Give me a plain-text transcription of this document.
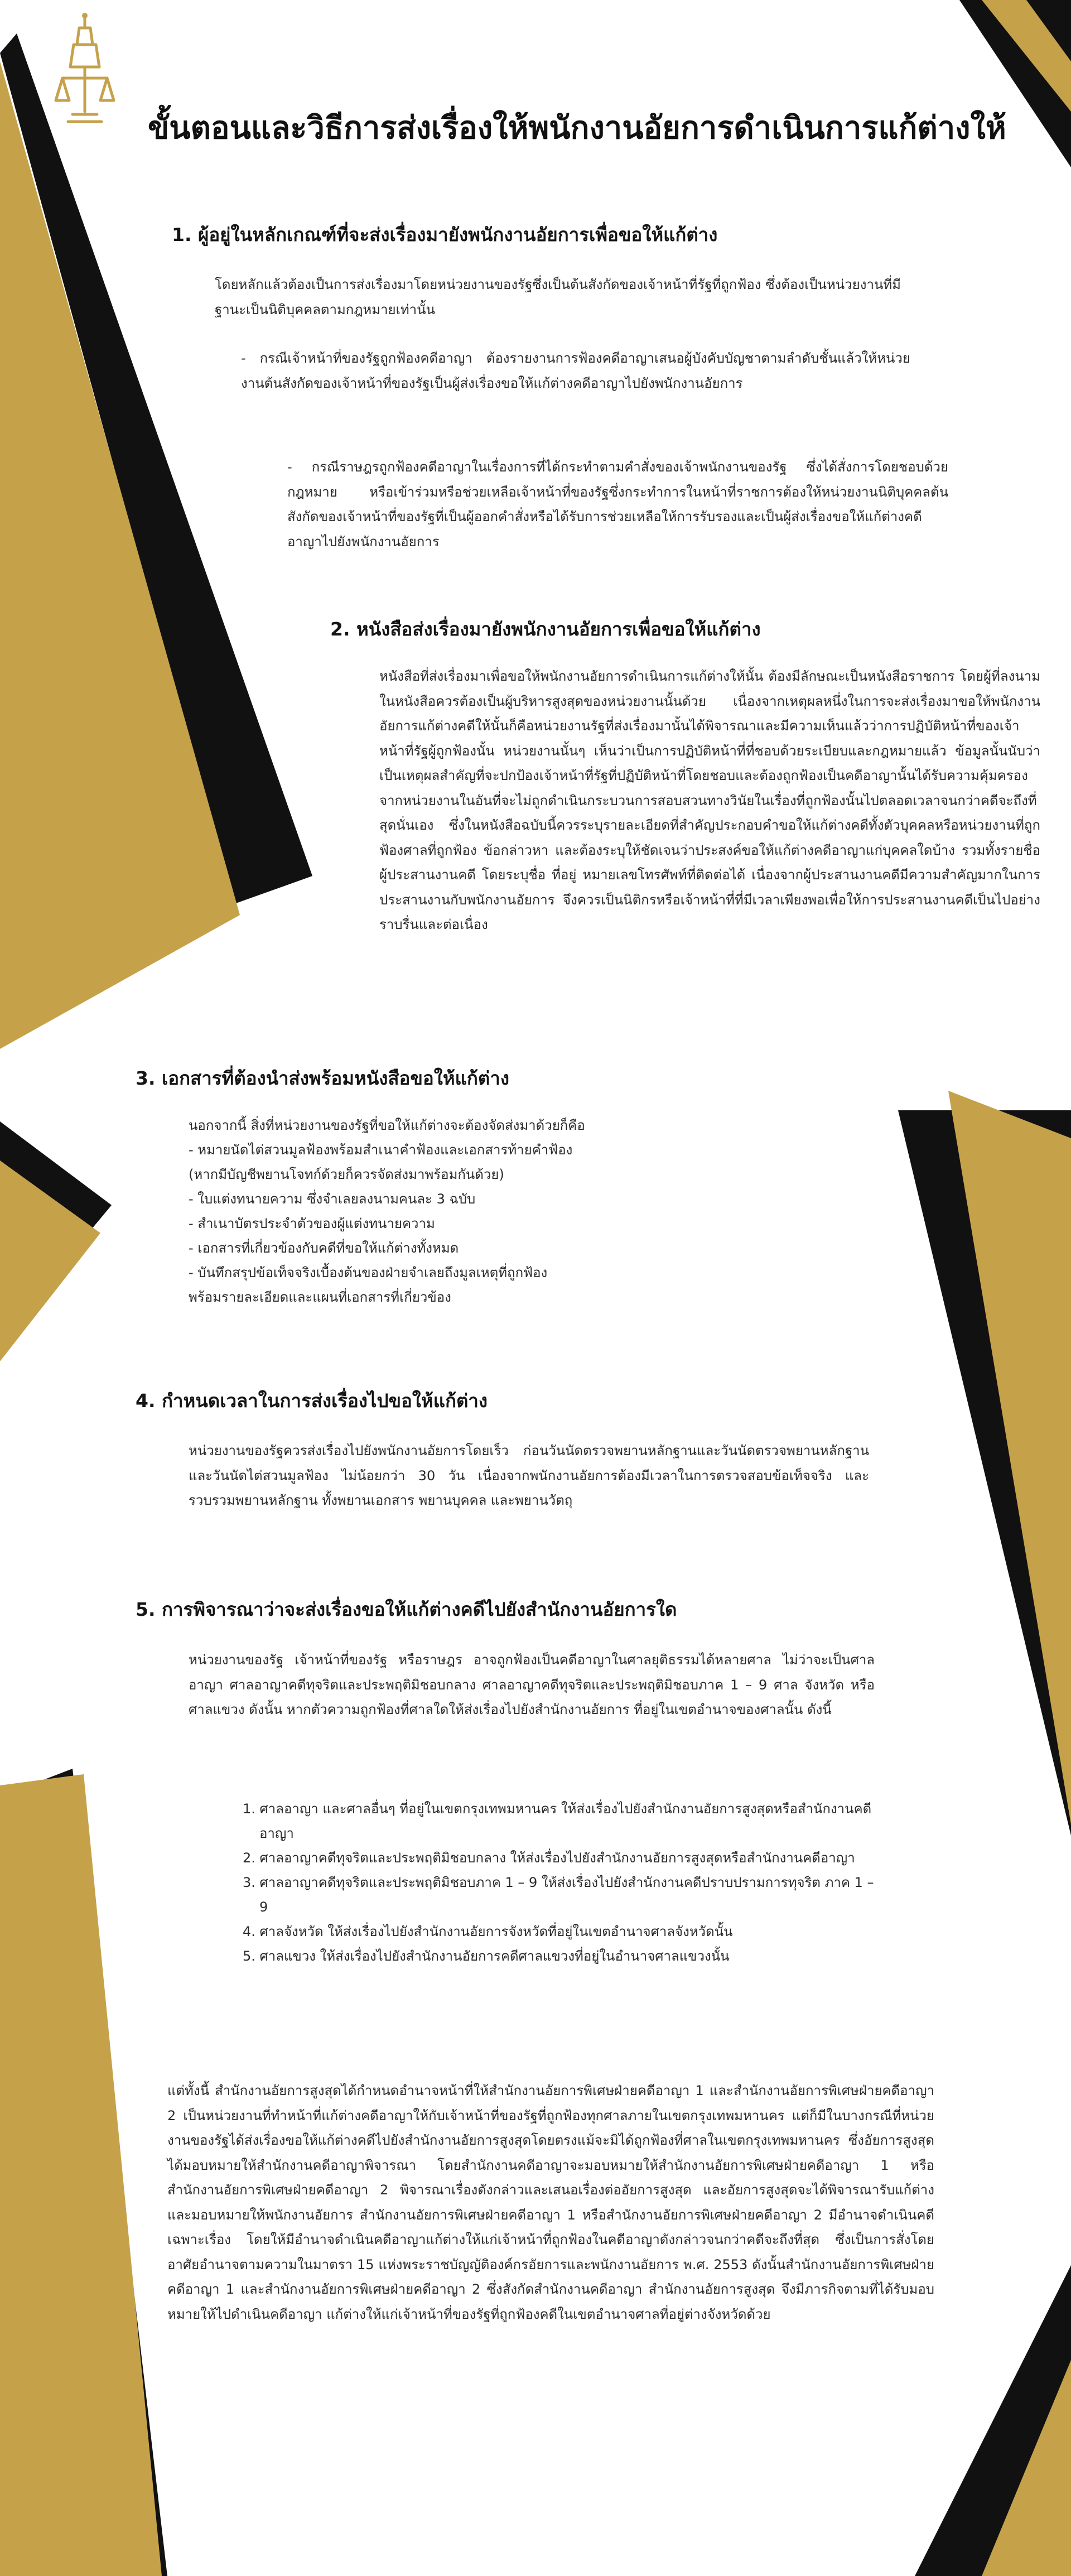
ขั้นตอนและวิธีการส่งเรื่องให้พนักงานอัยการดำเนินการแก้ต่างให้
1. ผู้อยู่ในหลักเกณฑ์ที่จะส่งเรื่องมายังพนักงานอัยการเพื่อขอให้แก้ต่าง
โดยหลักแล้วต้องเป็นการส่งเรื่องมาโดยหน่วยงานของรัฐซึ่งเป็นต้นสังกัดของเจ้าหน้าที่รัฐที่ถูกฟ้อง ซึ่งต้องเป็นหน่วยงานที่มีฐานะเป็นนิติบุคคลตามกฎหมายเท่านั้น
- กรณีเจ้าหน้าที่ของรัฐถูกฟ้องคดีอาญา ต้องรายงานการฟ้องคดีอาญาเสนอผู้บังคับบัญชาตามลำดับชั้นแล้วให้หน่วยงานต้นสังกัดของเจ้าหน้าที่ของรัฐเป็นผู้ส่งเรื่องขอให้แก้ต่างคดีอาญาไปยังพนักงานอัยการ
- กรณีราษฎรถูกฟ้องคดีอาญาในเรื่องการที่ได้กระทำตามคำสั่งของเจ้าพนักงานของรัฐ ซึ่งได้สั่งการโดยชอบด้วยกฎหมาย หรือเข้าร่วมหรือช่วยเหลือเจ้าหน้าที่ของรัฐซึ่งกระทำการในหน้าที่ราชการต้องให้หน่วยงานนิติบุคคลต้นสังกัดของเจ้าหน้าที่ของรัฐที่เป็นผู้ออกคำสั่งหรือได้รับการช่วยเหลือให้การรับรองและเป็นผู้ส่งเรื่องขอให้แก้ต่างคดีอาญาไปยังพนักงานอัยการ
2. หนังสือส่งเรื่องมายังพนักงานอัยการเพื่อขอให้แก้ต่าง
หนังสือที่ส่งเรื่องมาเพื่อขอให้พนักงานอัยการดำเนินการแก้ต่างให้นั้น ต้องมีลักษณะเป็นหนังสือราชการ โดยผู้ที่ลงนามในหนังสือควรต้องเป็นผู้บริหารสูงสุดของหน่วยงานนั้นด้วย เนื่องจากเหตุผลหนึ่งในการจะส่งเรื่องมาขอให้พนักงานอัยการแก้ต่างคดีให้นั้นก็คือหน่วยงานรัฐที่ส่งเรื่องมานั้นได้พิจารณาและมีความเห็นแล้วว่าการปฏิบัติหน้าที่ของเจ้าหน้าที่รัฐผู้ถูกฟ้องนั้น หน่วยงานนั้นๆ เห็นว่าเป็นการปฏิบัติหน้าที่ที่ชอบด้วยระเบียบและกฎหมายแล้ว ข้อมูลนั้นนับว่าเป็นเหตุผลสำคัญที่จะปกป้องเจ้าหน้าที่รัฐที่ปฏิบัติหน้าที่โดยชอบและต้องถูกฟ้องเป็นคดีอาญานั้นได้รับความคุ้มครองจากหน่วยงานในอันที่จะไม่ถูกดำเนินกระบวนการสอบสวนทางวินัยในเรื่องที่ถูกฟ้องนั้นไปตลอดเวลาจนกว่าคดีจะถึงที่สุดนั่นเอง ซึ่งในหนังสือฉบับนี้ควรระบุรายละเอียดที่สำคัญประกอบคำขอให้แก้ต่างคดีทั้งตัวบุคคลหรือหน่วยงานที่ถูกฟ้องศาลที่ถูกฟ้อง ข้อกล่าวหา และต้องระบุให้ชัดเจนว่าประสงค์ขอให้แก้ต่างคดีอาญาแก่บุคคลใดบ้าง รวมทั้งรายชื่อผู้ประสานงานคดี โดยระบุชื่อ ที่อยู่ หมายเลขโทรศัพท์ที่ติดต่อได้ เนื่องจากผู้ประสานงานคดีมีความสำคัญมากในการประสานงานกับพนักงานอัยการ จึงควรเป็นนิติกรหรือเจ้าหน้าที่ที่มีเวลาเพียงพอเพื่อให้การประสานงานคดีเป็นไปอย่างราบรื่นและต่อเนื่อง
3. เอกสารที่ต้องนำส่งพร้อมหนังสือขอให้แก้ต่าง
นอกจากนี้ สิ่งที่หน่วยงานของรัฐที่ขอให้แก้ต่างจะต้องจัดส่งมาด้วยก็คือ
- หมายนัดไต่สวนมูลฟ้องพร้อมสำเนาคำฟ้องและเอกสารท้ายคำฟ้อง
(หากมีบัญชีพยานโจทก์ด้วยก็ควรจัดส่งมาพร้อมกันด้วย)
- ใบแต่งทนายความ ซึ่งจำเลยลงนามคนละ 3 ฉบับ
- สำเนาบัตรประจำตัวของผู้แต่งทนายความ
- เอกสารที่เกี่ยวข้องกับคดีที่ขอให้แก้ต่างทั้งหมด
- บันทึกสรุปข้อเท็จจริงเบื้องต้นของฝ่ายจำเลยถึงมูลเหตุที่ถูกฟ้อง
พร้อมรายละเอียดและแผนที่เอกสารที่เกี่ยวข้อง
4. กำหนดเวลาในการส่งเรื่องไปขอให้แก้ต่าง
หน่วยงานของรัฐควรส่งเรื่องไปยังพนักงานอัยการโดยเร็ว ก่อนวันนัดตรวจพยานหลักฐานและวันนัดตรวจพยานหลักฐานและวันนัดไต่สวนมูลฟ้อง ไม่น้อยกว่า 30 วัน เนื่องจากพนักงานอัยการต้องมีเวลาในการตรวจสอบข้อเท็จจริง และรวบรวมพยานหลักฐาน ทั้งพยานเอกสาร พยานบุคคล และพยานวัตถุ
5. การพิจารณาว่าจะส่งเรื่องขอให้แก้ต่างคดีไปยังสำนักงานอัยการใด
หน่วยงานของรัฐ เจ้าหน้าที่ของรัฐ หรือราษฎร อาจถูกฟ้องเป็นคดีอาญาในศาลยุติธรรมได้หลายศาล ไม่ว่าจะเป็นศาลอาญา ศาลอาญาคดีทุจริตและประพฤติมิชอบกลาง ศาลอาญาคดีทุจริตและประพฤติมิชอบภาค 1 – 9 ศาล จังหวัด หรือศาลแขวง ดังนั้น หากตัวความถูกฟ้องที่ศาลใดให้ส่งเรื่องไปยังสำนักงานอัยการ ที่อยู่ในเขตอำนาจของศาลนั้น ดังนี้
1. ศาลอาญา และศาลอื่นๆ ที่อยู่ในเขตกรุงเทพมหานคร ให้ส่งเรื่องไปยังสำนักงานอัยการสูงสุดหรือสำนักงานคดีอาญา
2. ศาลอาญาคดีทุจริตและประพฤติมิชอบกลาง ให้ส่งเรื่องไปยังสำนักงานอัยการสูงสุดหรือสำนักงานคดีอาญา
3. ศาลอาญาคดีทุจริตและประพฤติมิชอบภาค 1 – 9 ให้ส่งเรื่องไปยังสำนักงานคดีปราบปรามการทุจริต ภาค 1 – 9
4. ศาลจังหวัด ให้ส่งเรื่องไปยังสำนักงานอัยการจังหวัดที่อยู่ในเขตอำนาจศาลจังหวัดนั้น
5. ศาลแขวง ให้ส่งเรื่องไปยังสำนักงานอัยการคดีศาลแขวงที่อยู่ในอำนาจศาลแขวงนั้น
แต่ทั้งนี้ สำนักงานอัยการสูงสุดได้กำหนดอำนาจหน้าที่ให้สำนักงานอัยการพิเศษฝ่ายคดีอาญา 1 และสำนักงานอัยการพิเศษฝ่ายคดีอาญา 2 เป็นหน่วยงานที่ทำหน้าที่แก้ต่างคดีอาญาให้กับเจ้าหน้าที่ของรัฐที่ถูกฟ้องทุกศาลภายในเขตกรุงเทพมหานคร แต่ก็มีในบางกรณีที่หน่วยงานของรัฐได้ส่งเรื่องขอให้แก้ต่างคดีไปยังสำนักงานอัยการสูงสุดโดยตรงแม้จะมิได้ถูกฟ้องที่ศาลในเขตกรุงเทพมหานคร ซึ่งอัยการสูงสุดได้มอบหมายให้สำนักงานคดีอาญาพิจารณา โดยสำนักงานคดีอาญาจะมอบหมายให้สำนักงานอัยการพิเศษฝ่ายคดีอาญา 1 หรือสำนักงานอัยการพิเศษฝ่ายคดีอาญา 2 พิจารณาเรื่องดังกล่าวและเสนอเรื่องต่ออัยการสูงสุด และอัยการสูงสุดจะได้พิจารณารับแก้ต่างและมอบหมายให้พนักงานอัยการ สำนักงานอัยการพิเศษฝ่ายคดีอาญา 1 หรือสำนักงานอัยการพิเศษฝ่ายคดีอาญา 2 มีอำนาจดำเนินคดีเฉพาะเรื่อง โดยให้มีอำนาจดำเนินคดีอาญาแก้ต่างให้แก่เจ้าหน้าที่ถูกฟ้องในคดีอาญาดังกล่าวจนกว่าคดีจะถึงที่สุด ซึ่งเป็นการสั่งโดยอาศัยอำนาจตามความในมาตรา 15 แห่งพระราชบัญญัติองค์กรอัยการและพนักงานอัยการ พ.ศ. 2553 ดังนั้นสำนักงานอัยการพิเศษฝ่ายคดีอาญา 1 และสำนักงานอัยการพิเศษฝ่ายคดีอาญา 2 ซึ่งสังกัดสำนักงานคดีอาญา สำนักงานอัยการสูงสุด จึงมีภารกิจตามที่ได้รับมอบหมายให้ไปดำเนินคดีอาญา แก้ต่างให้แก่เจ้าหน้าที่ของรัฐที่ถูกฟ้องคดีในเขตอำนาจศาลที่อยู่ต่างจังหวัดด้วย
